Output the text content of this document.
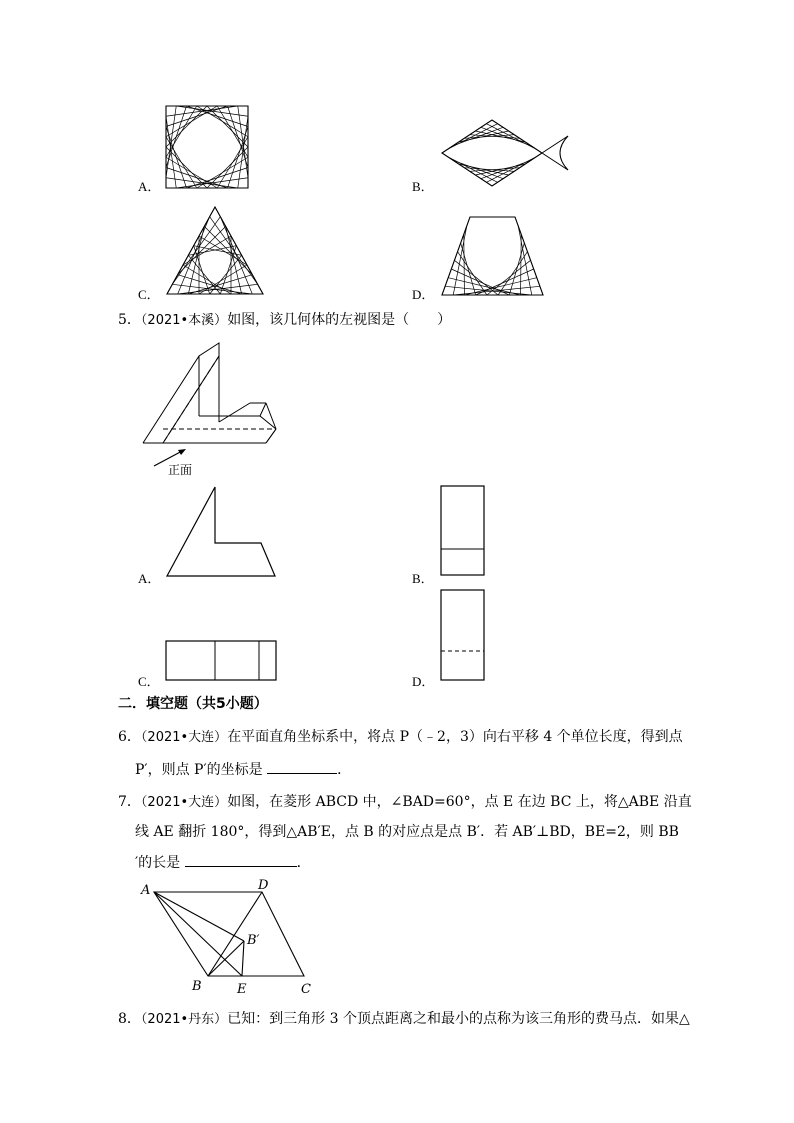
A．	B．
C．	D．
5．（2021•本溪）如图，该几何体的左视图是（　　）
正面
A．	B．
C．	D．
二．填空题（共5小题）
6．（2021•大连）在平面直角坐标系中，将点 P（﹣2，3）向右平移 4 个单位长度，得到点
P′，则点 P′的坐标是	．
7．（2021•大连）如图，在菱形 ABCD 中，∠BAD=60°，点 E 在边 BC 上，将△ABE 沿直
线 AE 翻折 180°，得到△AB′E，点 B 的对应点是点 B′．若 AB′⊥BD，BE=2，则 BB
′的长是	．
A	D
B′
B	E	C
8．（2021•丹东）已知：到三角形 3 个顶点距离之和最小的点称为该三角形的费马点．如果△
